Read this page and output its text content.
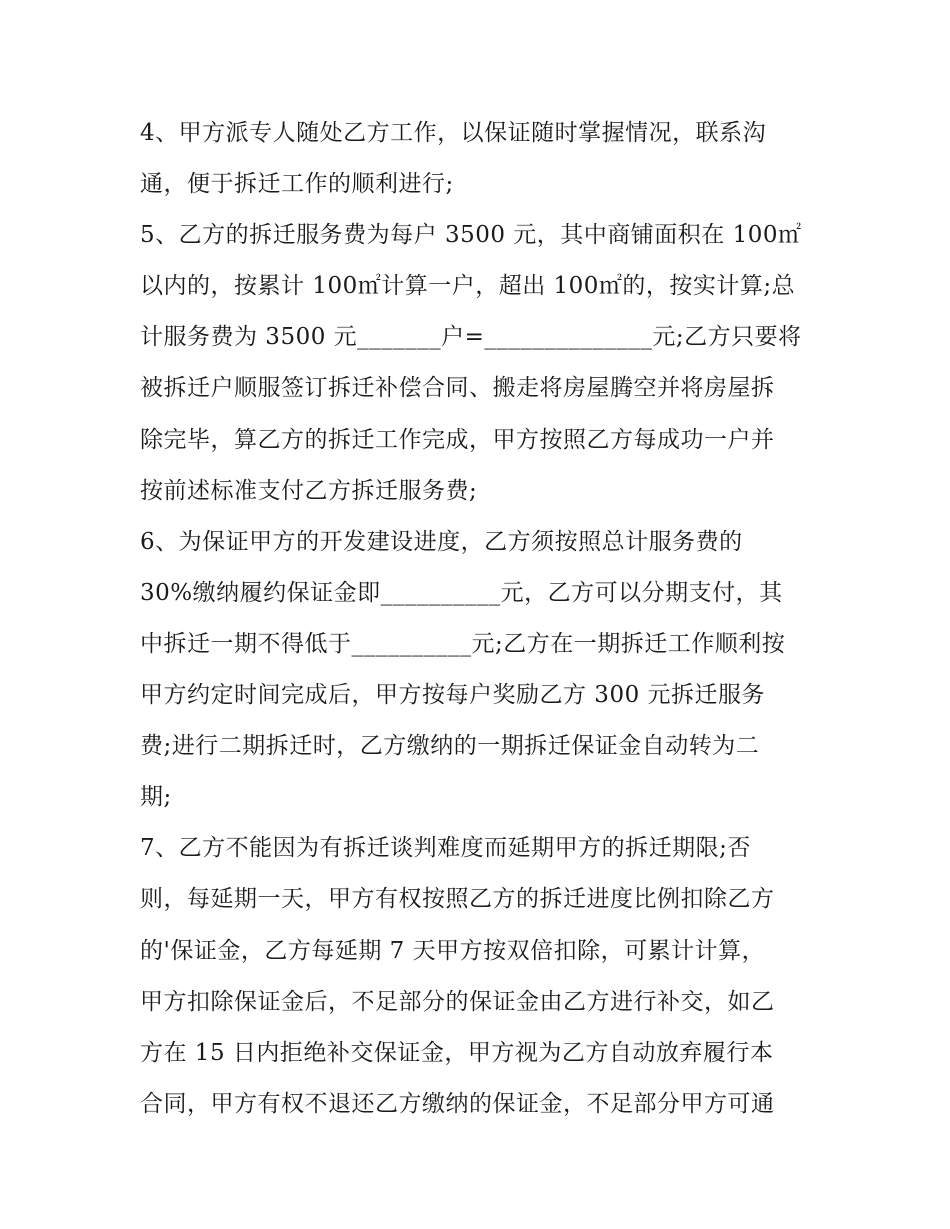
4、甲方派专人随处乙方工作，以保证随时掌握情况，联系沟
通，便于拆迁工作的顺利进行;
5、乙方的拆迁服务费为每户 3500 元，其中商铺面积在 100㎡
以内的，按累计 100㎡计算一户，超出 100㎡的，按实计算;总
计服务费为 3500 元_______户=______________元;乙方只要将
被拆迁户顺服签订拆迁补偿合同、搬走将房屋腾空并将房屋拆
除完毕，算乙方的拆迁工作完成，甲方按照乙方每成功一户并
按前述标准支付乙方拆迁服务费;
6、为保证甲方的开发建设进度，乙方须按照总计服务费的
30%缴纳履约保证金即__________元，乙方可以分期支付，其
中拆迁一期不得低于__________元;乙方在一期拆迁工作顺利按
甲方约定时间完成后，甲方按每户奖励乙方 300 元拆迁服务
费;进行二期拆迁时，乙方缴纳的一期拆迁保证金自动转为二
期;
7、乙方不能因为有拆迁谈判难度而延期甲方的拆迁期限;否
则，每延期一天，甲方有权按照乙方的拆迁进度比例扣除乙方
的'保证金，乙方每延期 7 天甲方按双倍扣除，可累计计算，
甲方扣除保证金后，不足部分的保证金由乙方进行补交，如乙
方在 15 日内拒绝补交保证金，甲方视为乙方自动放弃履行本
合同，甲方有权不退还乙方缴纳的保证金，不足部分甲方可通
